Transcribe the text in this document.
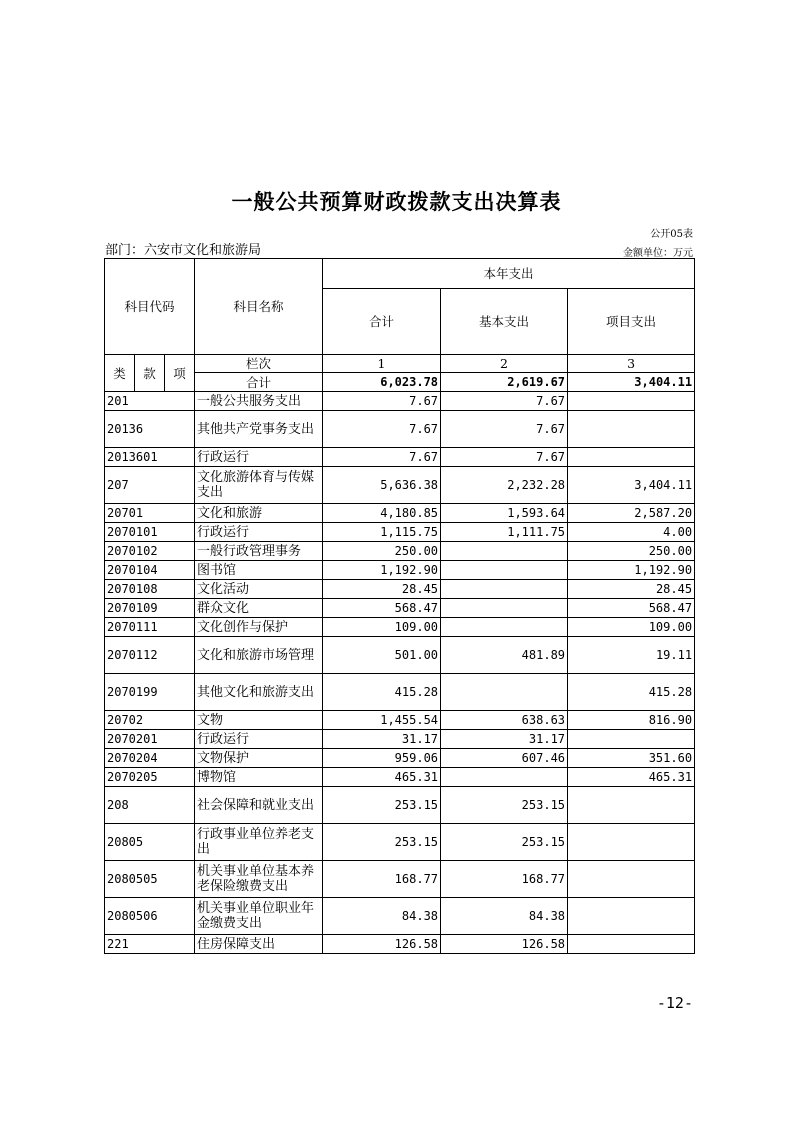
一般公共预算财政拨款支出决算表
公开05表
部门：六安市文化和旅游局	金额单位：万元
科目代码			科目名称	本年支出		
				合计	基本支出	项目支出
类	款	项	栏次	1	2	3
			合计	6,023.78	2,619.67	3,404.11
201			一般公共服务支出	7.67	7.67	
20136			其他共产党事务支出	7.67	7.67	
2013601			行政运行	7.67	7.67	
207			文化旅游体育与传媒支出	5,636.38	2,232.28	3,404.11
20701			文化和旅游	4,180.85	1,593.64	2,587.20
2070101			行政运行	1,115.75	1,111.75	4.00
2070102			一般行政管理事务	250.00		250.00
2070104			图书馆	1,192.90		1,192.90
2070108			文化活动	28.45		28.45
2070109			群众文化	568.47		568.47
2070111			文化创作与保护	109.00		109.00
2070112			文化和旅游市场管理	501.00	481.89	19.11
2070199			其他文化和旅游支出	415.28		415.28
20702			文物	1,455.54	638.63	816.90
2070201			行政运行	31.17	31.17	
2070204			文物保护	959.06	607.46	351.60
2070205			博物馆	465.31		465.31
208			社会保障和就业支出	253.15	253.15	
20805			行政事业单位养老支出	253.15	253.15	
2080505			机关事业单位基本养老保险缴费支出	168.77	168.77	
2080506			机关事业单位职业年金缴费支出	84.38	84.38	
221			住房保障支出	126.58	126.58	
-12-
